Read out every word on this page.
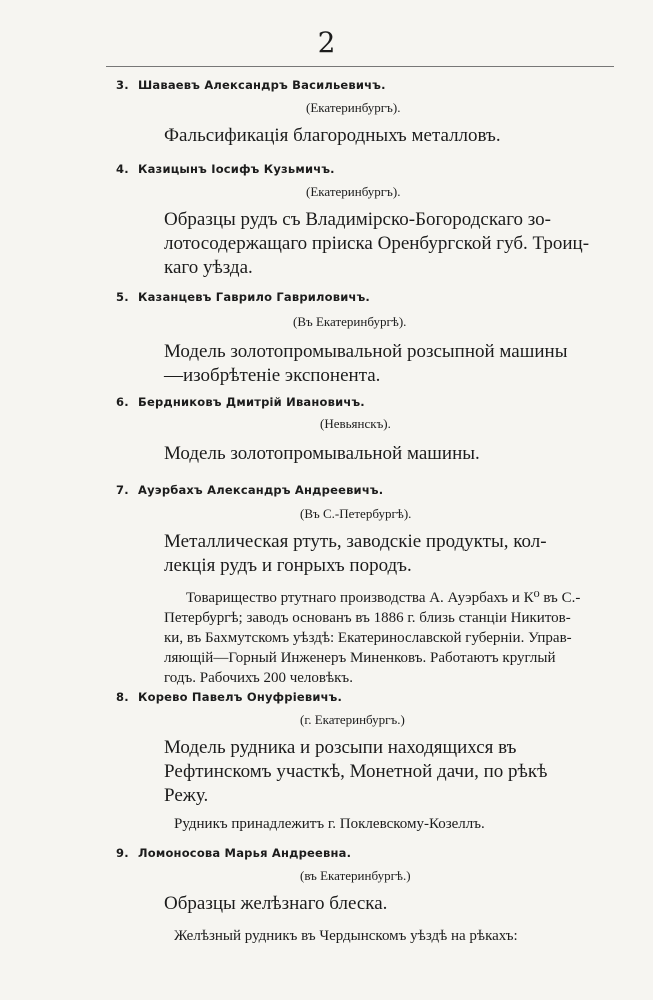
2
3. Шаваевъ Александръ Васильевичъ.
(Екатеринбургъ).
Фальсификація благородныхъ металловъ.
4. Казицынъ Іосифъ Кузьмичъ.
(Екатеринбургъ).
Образцы рудъ съ Владимірско-Богородскаго зо-
лотосодержащаго пріиска Оренбургской губ. Троиц-
каго уѣзда.
5. Казанцевъ Гаврило Гавриловичъ.
(Въ Екатеринбургѣ).
Модель золотопромывальной розсыпной машины
—изобрѣтеніе экспонента.
6. Бердниковъ Дмитрій Ивановичъ.
(Невьянскъ).
Модель золотопромывальной машины.
7. Ауэрбахъ Александръ Андреевичъ.
(Въ С.-Петербургѣ).
Металлическая ртуть, заводскіе продукты, кол-
лекція рудъ и гонрыхъ породъ.
Товарищество ртутнаго производства А. Ауэрбахъ и К⁰ въ С.-
Петербургѣ; заводъ основанъ въ 1886 г. близь станціи Никитов-
ки, въ Бахмутскомъ уѣздѣ: Екатеринославской губерніи. Управ-
ляющій—Горный Инженеръ Миненковъ. Работаютъ круглый
годъ. Рабочихъ 200 человѣкъ.
8. Корево Павелъ Онуфріевичъ.
(г. Екатеринбургъ.)
Модель рудника и розсыпи находящихся въ
Рефтинскомъ участкѣ, Монетной дачи, по рѣкѣ
Режу.
Рудникъ принадлежитъ г. Поклевскому-Козеллъ.
9. Ломоносова Марья Андреевна.
(въ Екатеринбургѣ.)
Образцы желѣзнаго блеска.
Желѣзный рудникъ въ Чердынскомъ уѣздѣ на рѣкахъ:
